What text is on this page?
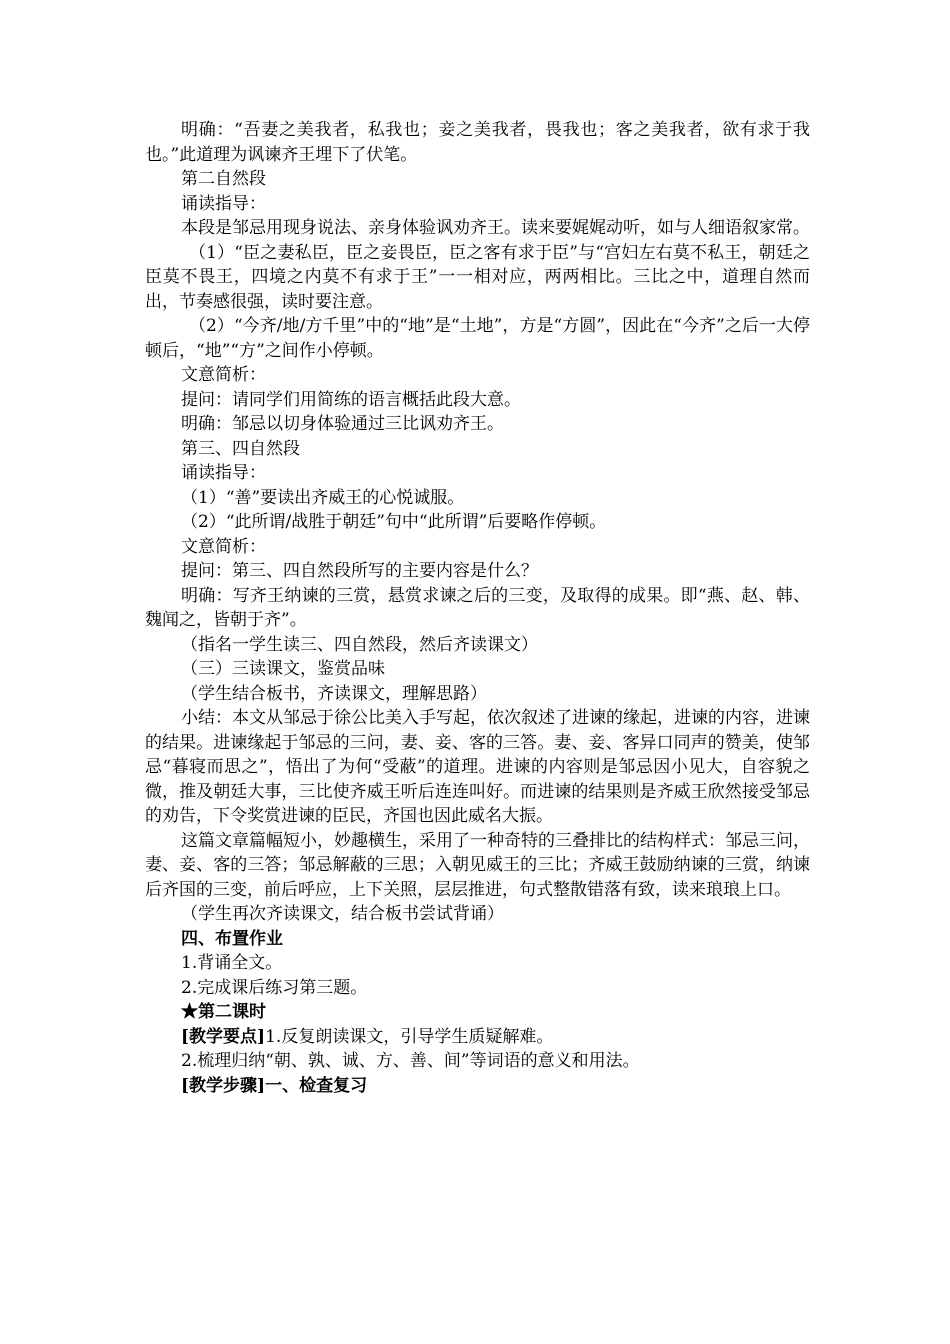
明确：“吾妻之美我者，私我也；妾之美我者，畏我也；客之美我者，欲有求于我也。”此道理为讽谏齐王埋下了伏笔。

第二自然段

诵读指导：

本段是邹忌用现身说法、亲身体验讽劝齐王。读来要娓娓动听，如与人细语叙家常。

（1）“臣之妻私臣，臣之妾畏臣，臣之客有求于臣”与“宫妇左右莫不私王，朝廷之臣莫不畏王，四境之内莫不有求于王”一一相对应，两两相比。三比之中，道理自然而出，节奏感很强，读时要注意。

（2）“今齐/地/方千里”中的“地”是“土地”，方是“方圆”，因此在“今齐”之后一大停顿后，“地”“方”之间作小停顿。

文意简析：

提问：请同学们用简练的语言概括此段大意。

明确：邹忌以切身体验通过三比讽劝齐王。

第三、四自然段

诵读指导：

（1）“善”要读出齐威王的心悦诚服。

（2）“此所谓/战胜于朝廷”句中“此所谓”后要略作停顿。

文意简析：

提问：第三、四自然段所写的主要内容是什么？

明确：写齐王纳谏的三赏，悬赏求谏之后的三变，及取得的成果。即“燕、赵、韩、魏闻之，皆朝于齐”。

（指名一学生读三、四自然段，然后齐读课文）

（三）三读课文，鉴赏品味

（学生结合板书，齐读课文，理解思路）

小结：本文从邹忌于徐公比美入手写起，依次叙述了进谏的缘起，进谏的内容，进谏的结果。进谏缘起于邹忌的三问，妻、妾、客的三答。妻、妾、客异口同声的赞美，使邹忌“暮寝而思之”，悟出了为何“受蔽”的道理。进谏的内容则是邹忌因小见大，自容貌之微，推及朝廷大事，三比使齐威王听后连连叫好。而进谏的结果则是齐威王欣然接受邹忌的劝告，下令奖赏进谏的臣民，齐国也因此威名大振。

这篇文章篇幅短小，妙趣横生，采用了一种奇特的三叠排比的结构样式：邹忌三问，妻、妾、客的三答；邹忌解蔽的三思；入朝见威王的三比；齐威王鼓励纳谏的三赏，纳谏后齐国的三变，前后呼应，上下关照，层层推进，句式整散错落有致，读来琅琅上口。

（学生再次齐读课文，结合板书尝试背诵）

四、布置作业

1.背诵全文。

2.完成课后练习第三题。

★第二课时

[教学要点]1.反复朗读课文，引导学生质疑解难。

2.梳理归纳“朝、孰、诚、方、善、间”等词语的意义和用法。

[教学步骤]一、检查复习
